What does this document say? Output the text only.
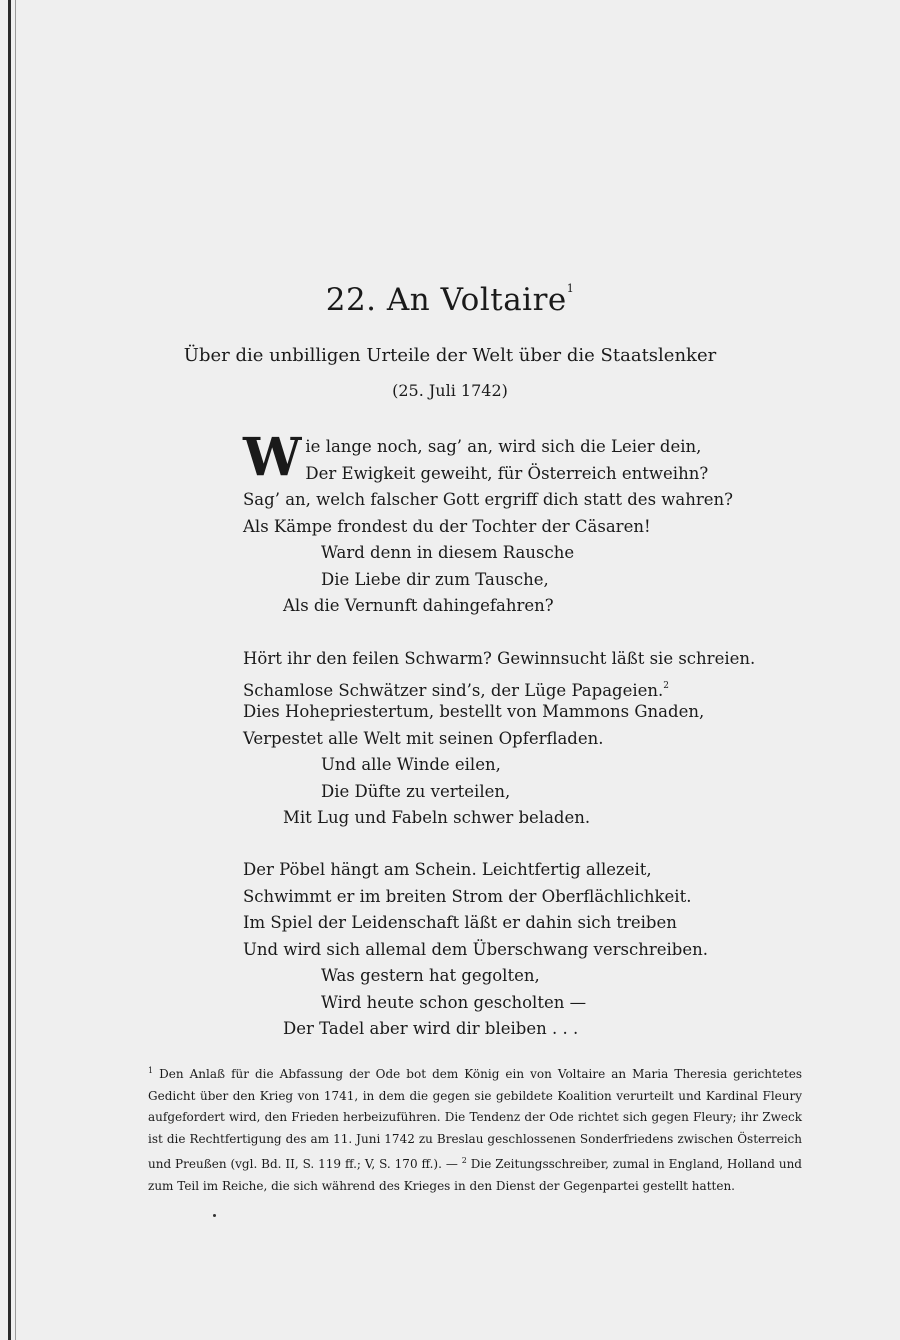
22. An Voltaire$^1$
Über die unbilligen Urteile der Welt über die Staatslenker
(25. Juli 1742)
W ie lange noch, sag’ an, wird sich die Leier dein,
Der Ewigkeit geweiht, für Österreich entweihn?
Sag’ an, welch falscher Gott ergriff dich statt des wahren?
Als Kämpe frondest du der Tochter der Cäsaren!
Ward denn in diesem Rausche
Die Liebe dir zum Tausche,
Als die Vernunft dahingefahren?
Hört ihr den feilen Schwarm? Gewinnsucht läßt sie schreien.
Schamlose Schwätzer sind’s, der Lüge Papageien.$^2$
Dies Hohepriestertum, bestellt von Mammons Gnaden,
Verpestet alle Welt mit seinen Opferfladen.
Und alle Winde eilen,
Die Düfte zu verteilen,
Mit Lug und Fabeln schwer beladen.
Der Pöbel hängt am Schein. Leichtfertig allezeit,
Schwimmt er im breiten Strom der Oberflächlichkeit.
Im Spiel der Leidenschaft läßt er dahin sich treiben
Und wird sich allemal dem Überschwang verschreiben.
Was gestern hat gegolten,
Wird heute schon gescholten —
Der Tadel aber wird dir bleiben . . .
$^1$ Den Anlaß für die Abfassung der Ode bot dem König ein von Voltaire an Maria Theresia gerichtetes Gedicht über den Krieg von 1741, in dem die gegen sie gebildete Koalition verurteilt und Kardinal Fleury aufgefordert wird, den Frieden herbeizuführen. Die Tendenz der Ode richtet sich gegen Fleury; ihr Zweck ist die Rechtfertigung des am 11. Juni 1742 zu Breslau geschlossenen Sonderfriedens zwischen Österreich und Preußen (vgl. Bd. II, S. 119 ff.; V, S. 170 ff.). — $^2$ Die Zeitungsschreiber, zumal in England, Holland und zum Teil im Reiche, die sich während des Krieges in den Dienst der Gegenpartei gestellt hatten.
